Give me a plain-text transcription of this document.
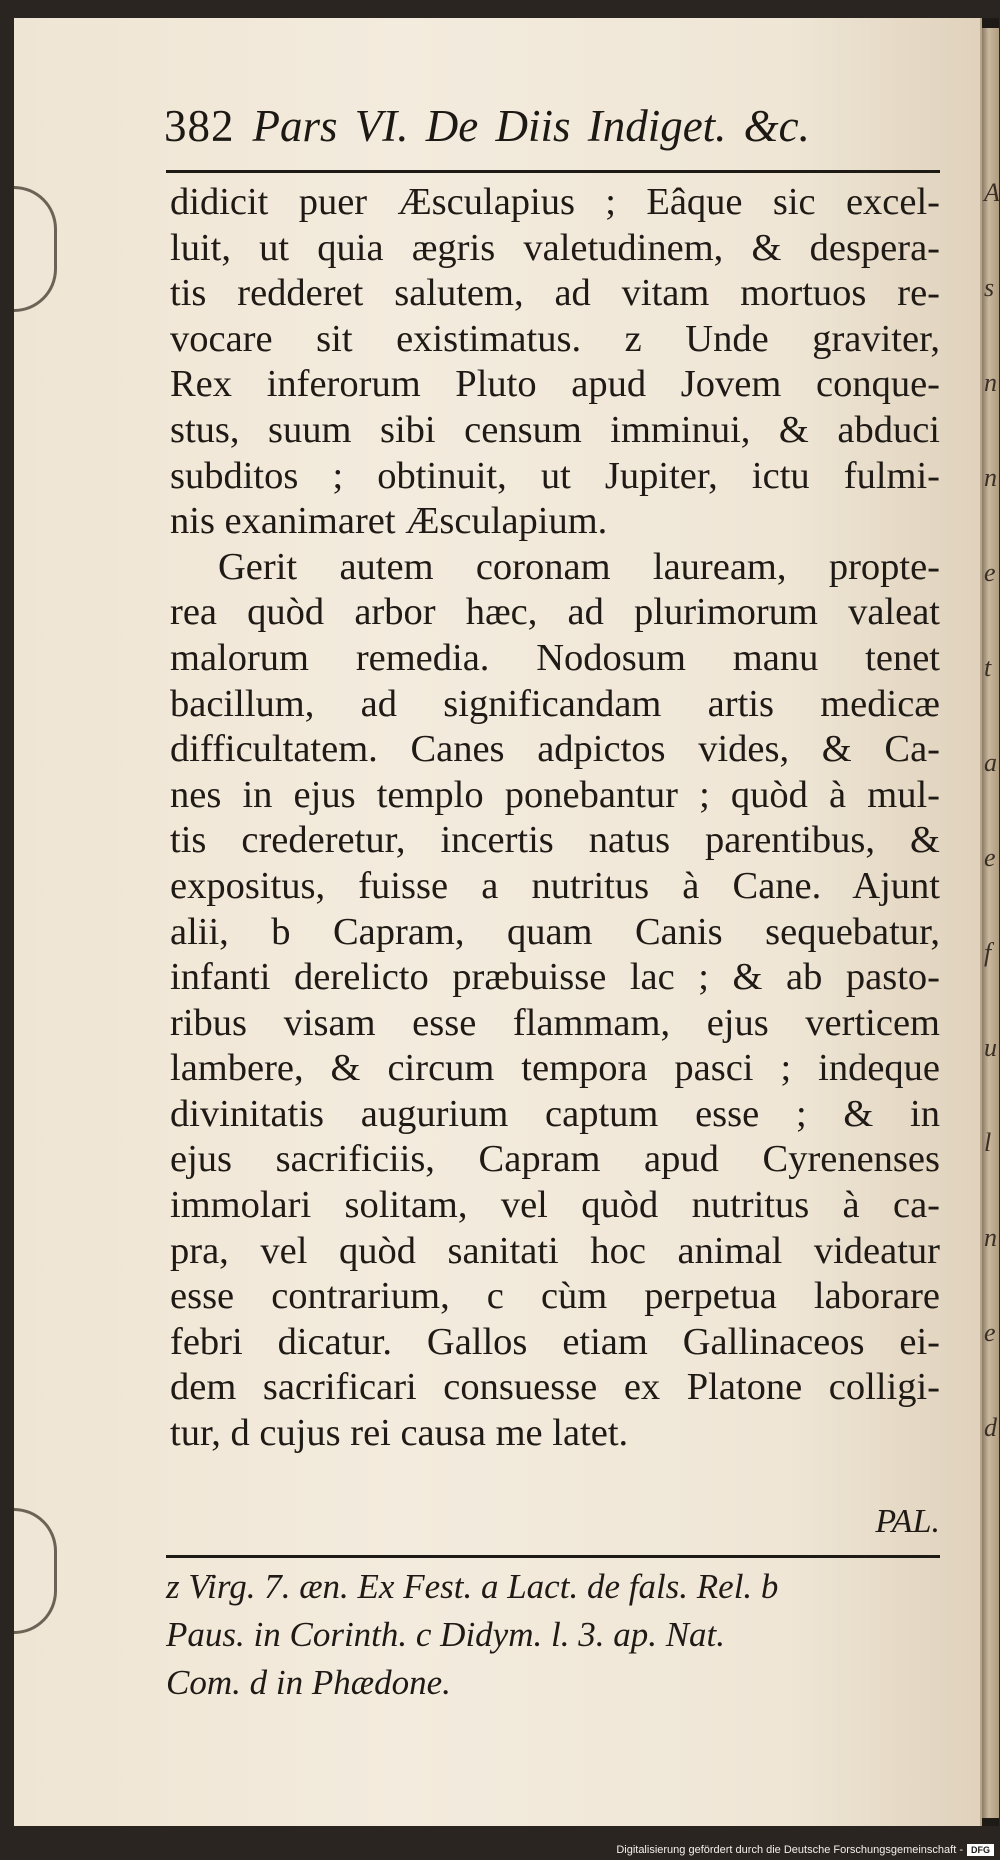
382 Pars VI. De Diis Indiget. &c.
didicit puer Æsculapius ; Eâque sic excel-
luit, ut quia ægris valetudinem, & despera-
tis redderet salutem, ad vitam mortuos re-
vocare sit existimatus. z Unde graviter,
Rex inferorum Pluto apud Jovem conque-
stus, suum sibi censum imminui, & abduci
subditos ; obtinuit, ut Jupiter, ictu fulmi-
nis exanimaret Æsculapium.
Gerit autem coronam lauream, propte-
rea quòd arbor hæc, ad plurimorum valeat
malorum remedia. Nodosum manu tenet
bacillum, ad significandam artis medicæ
difficultatem. Canes adpictos vides, & Ca-
nes in ejus templo ponebantur ; quòd à mul-
tis crederetur, incertis natus parentibus, &
expositus, fuisse a nutritus à Cane. Ajunt
alii, b Capram, quam Canis sequebatur,
infanti derelicto præbuisse lac ; & ab pasto-
ribus visam esse flammam, ejus verticem
lambere, & circum tempora pasci ; indeque
divinitatis augurium captum esse ; & in
ejus sacrificiis, Capram apud Cyrenenses
immolari solitam, vel quòd nutritus à ca-
pra, vel quòd sanitati hoc animal videatur
esse contrarium, c cùm perpetua laborare
febri dicatur. Gallos etiam Gallinaceos ei-
dem sacrificari consuesse ex Platone colligi-
tur, d cujus rei causa me latet.
PAL.
z Virg. 7. æn. Ex Fest. a Lact. de fals. Rel. b
Paus. in Corinth. c Didym. l. 3. ap. Nat.
Com. d in Phædone.
A
s
n
n
e
t
a
e
f
u
l
n
e
d
Digitalisierung gefördert durch die Deutsche Forschungsgemeinschaft - DFG
